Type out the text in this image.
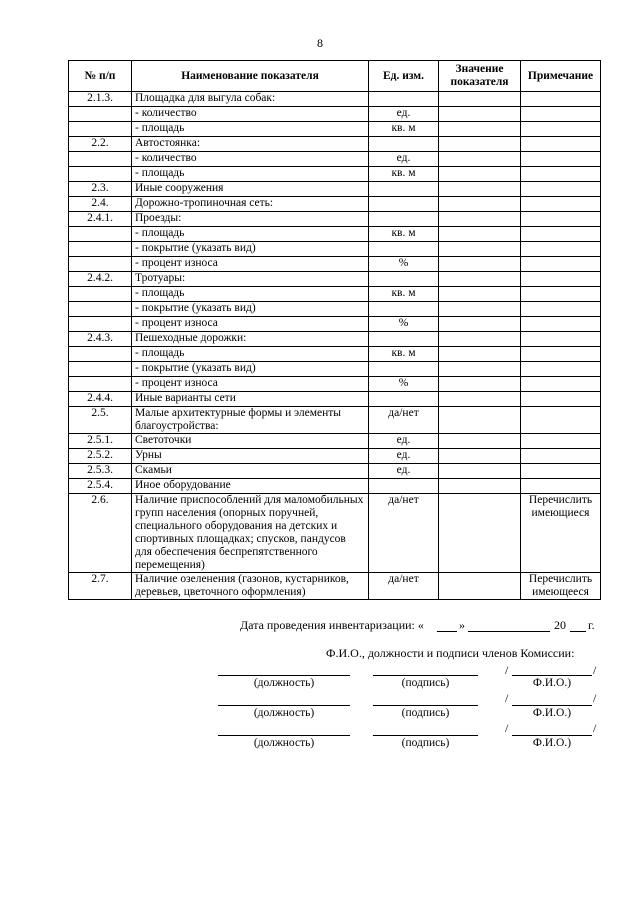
8
№ п/п	Наименование показателя	Ед. изм.	Значение показателя	Примечание
2.1.3.	Площадка для выгула собак:			
	- количество	ед.		
	- площадь	кв. м		
2.2.	Автостоянка:			
	- количество	ед.		
	- площадь	кв. м		
2.3.	Иные сооружения			
2.4.	Дорожно-тропиночная сеть:			
2.4.1.	Проезды:			
	- площадь	кв. м		
	- покрытие (указать вид)			
	- процент износа	%		
2.4.2.	Тротуары:			
	- площадь	кв. м		
	- покрытие (указать вид)			
	- процент износа	%		
2.4.3.	Пешеходные дорожки:			
	- площадь	кв. м		
	- покрытие (указать вид)			
	- процент износа	%		
2.4.4.	Иные варианты сети			
2.5.	Малые архитектурные формы и элементы благоустройства:	да/нет		
2.5.1.	Светоточки	ед.		
2.5.2.	Урны	ед.		
2.5.3.	Скамьи	ед.		
2.5.4.	Иное оборудование			
2.6.	Наличие приспособлений для маломобильных групп населения (опорных поручней, специального оборудования на детских и спортивных площадках; спусков, пандусов для обеспечения беспрепятственного перемещения)	да/нет		Перечислить имеющиеся
2.7.	Наличие озеленения (газонов, кустарников, деревьев, цветочного оформления)	да/нет		Перечислить имеющееся
Дата проведения инвентаризации: «	»	20 г.
Ф.И.О., должности и подписи членов Комиссии:
/	/
(должность)	(подпись)	Ф.И.О.)
/	/
(должность)	(подпись)	Ф.И.О.)
/	/
(должность)	(подпись)	Ф.И.О.)
